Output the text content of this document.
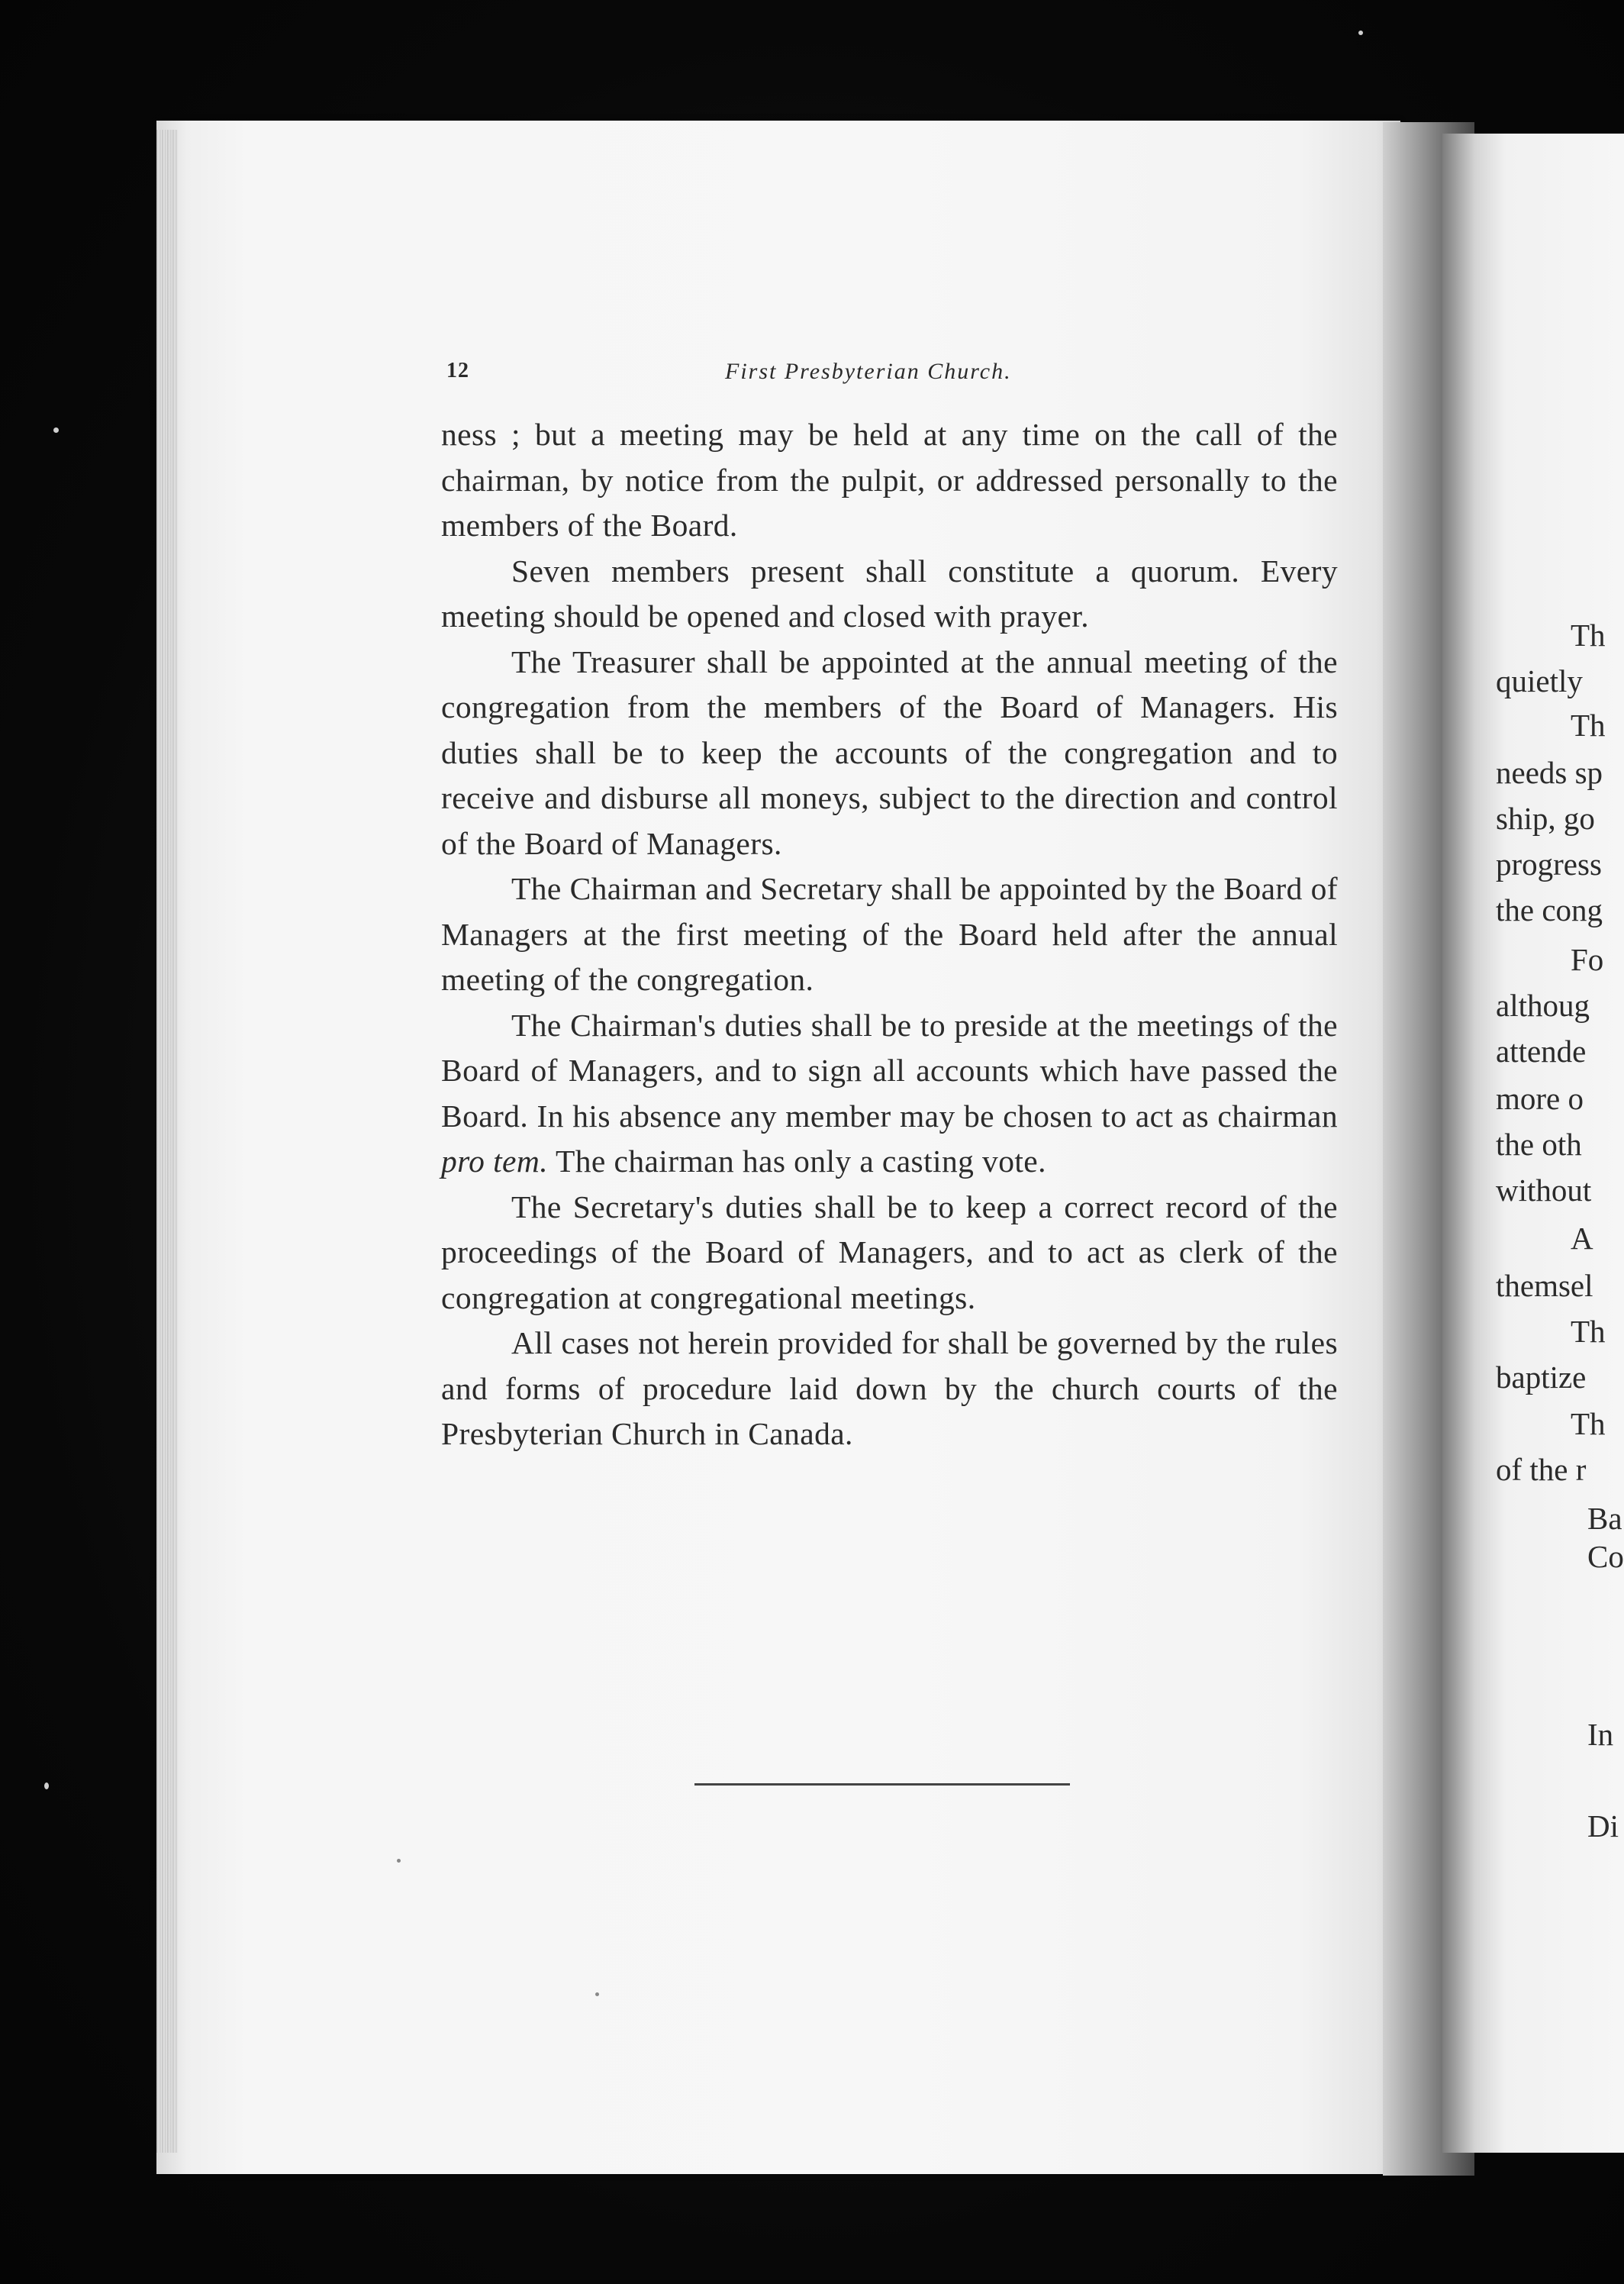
12	First Presbyterian Church.

ness ; but a meeting may be held at any time on the call of the chairman, by notice from the pulpit, or addressed personally to the members of the Board.

Seven members present shall constitute a quorum. Every meeting should be opened and closed with prayer.

The Treasurer shall be appointed at the annual meeting of the congregation from the members of the Board of Managers. His duties shall be to keep the accounts of the congregation and to receive and disburse all moneys, subject to the direction and control of the Board of Managers.

The Chairman and Secretary shall be appointed by the Board of Managers at the first meeting of the Board held after the annual meeting of the congregation.

The Chairman's duties shall be to preside at the meetings of the Board of Managers, and to sign all accounts which have passed the Board. In his absence any member may be chosen to act as chairman pro tem. The chairman has only a casting vote.

The Secretary's duties shall be to keep a correct record of the proceedings of the Board of Managers, and to act as clerk of the congregation at congregational meetings.

All cases not herein provided for shall be governed by the rules and forms of procedure laid down by the church courts of the Presbyterian Church in Canada.

Th
quietly
Th
needs sp
ship, go
progress
the cong
Fo
althoug
attende
more o
the oth
without
A
themsel
Th
baptize
Th
of the r
Ba
Co
In
Di
